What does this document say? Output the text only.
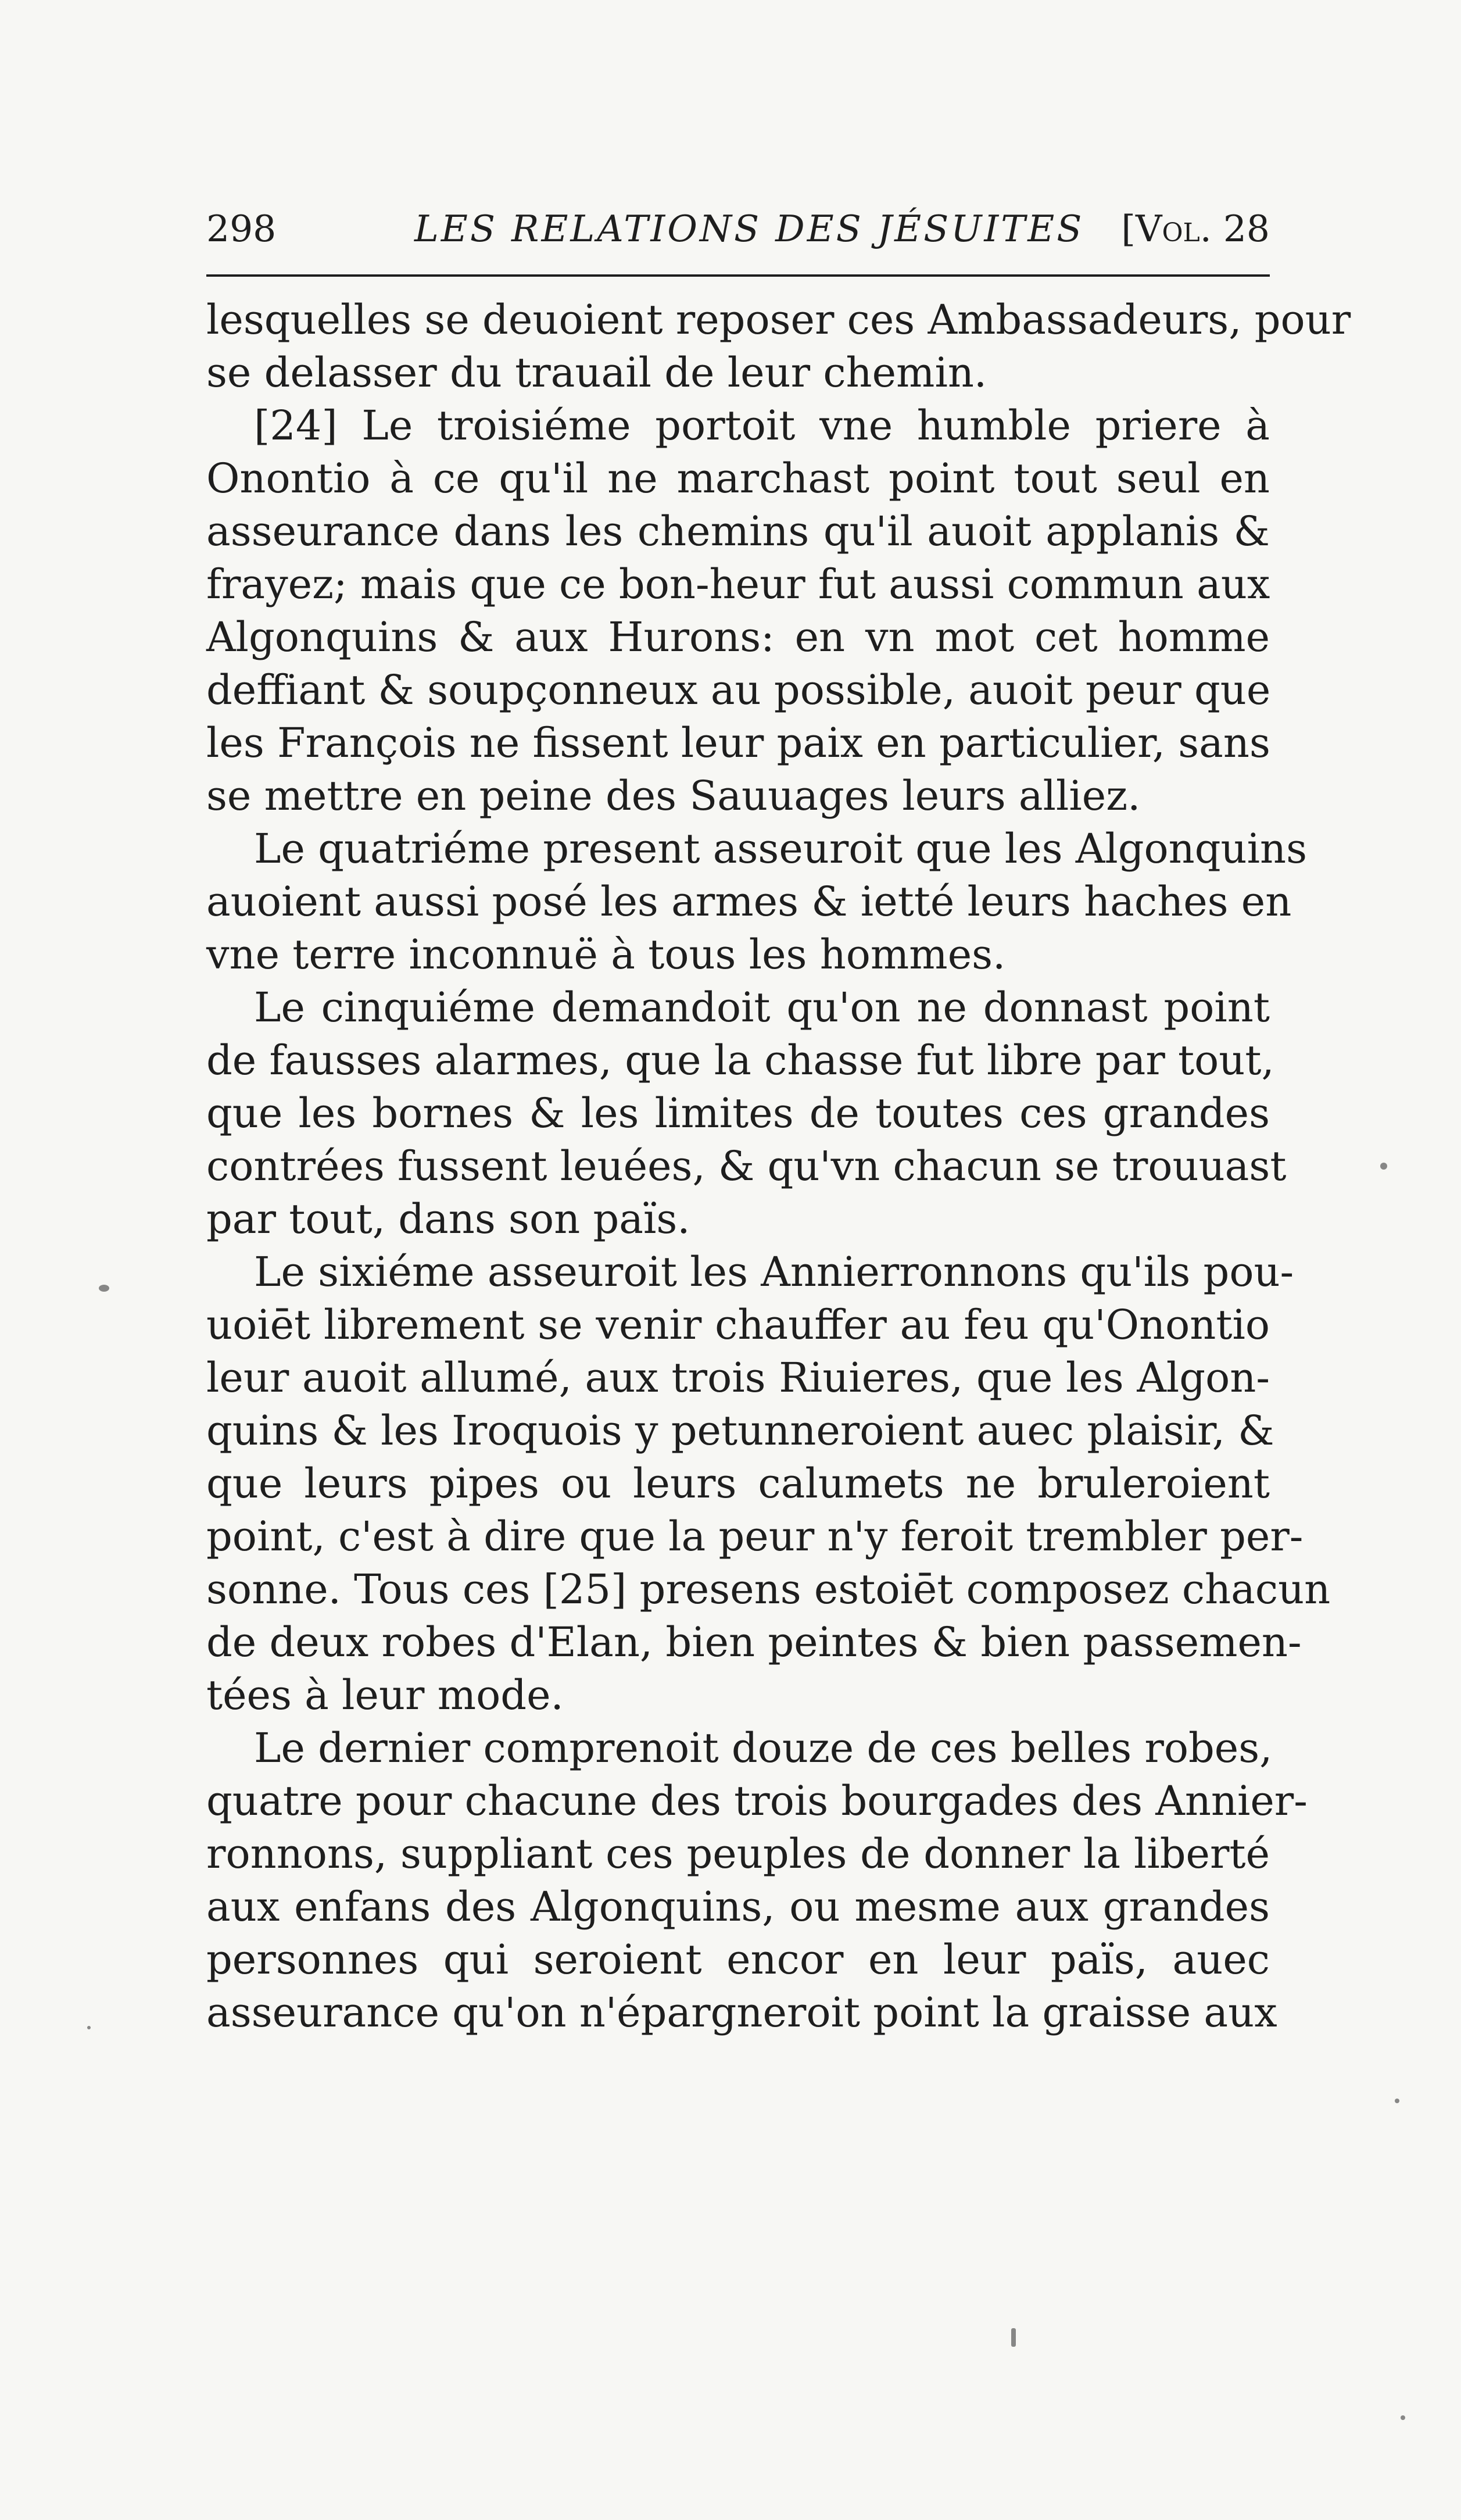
298	LES RELATIONS DES JÉSUITES [Vol. 28
lesquelles se deuoient reposer ces Ambassadeurs, pour
se delasser du trauail de leur chemin.
[24] Le troisiéme portoit vne humble priere à
Onontio à ce qu'il ne marchast point tout seul en
asseurance dans les chemins qu'il auoit applanis &
frayez; mais que ce bon-heur fut aussi commun aux
Algonquins & aux Hurons: en vn mot cet homme
deffiant & soupçonneux au possible, auoit peur que
les François ne fissent leur paix en particulier, sans
se mettre en peine des Sauuages leurs alliez.
Le quatriéme present asseuroit que les Algonquins
auoient aussi posé les armes & ietté leurs haches en
vne terre inconnuë à tous les hommes.
Le cinquiéme demandoit qu'on ne donnast point
de fausses alarmes, que la chasse fut libre par tout,
que les bornes & les limites de toutes ces grandes
contrées fussent leuées, & qu'vn chacun se trouuast
par tout, dans son païs.
Le sixiéme asseuroit les Annierronnons qu'ils pou-
uoiēt librement se venir chauffer au feu qu'Onontio
leur auoit allumé, aux trois Riuieres, que les Algon-
quins & les Iroquois y petunneroient auec plaisir, &
que leurs pipes ou leurs calumets ne bruleroient
point, c'est à dire que la peur n'y feroit trembler per-
sonne. Tous ces [25] presens estoiēt composez chacun
de deux robes d'Elan, bien peintes & bien passemen-
tées à leur mode.
Le dernier comprenoit douze de ces belles robes,
quatre pour chacune des trois bourgades des Annier-
ronnons, suppliant ces peuples de donner la liberté
aux enfans des Algonquins, ou mesme aux grandes
personnes qui seroient encor en leur païs, auec
asseurance qu'on n'épargneroit point la graisse aux
